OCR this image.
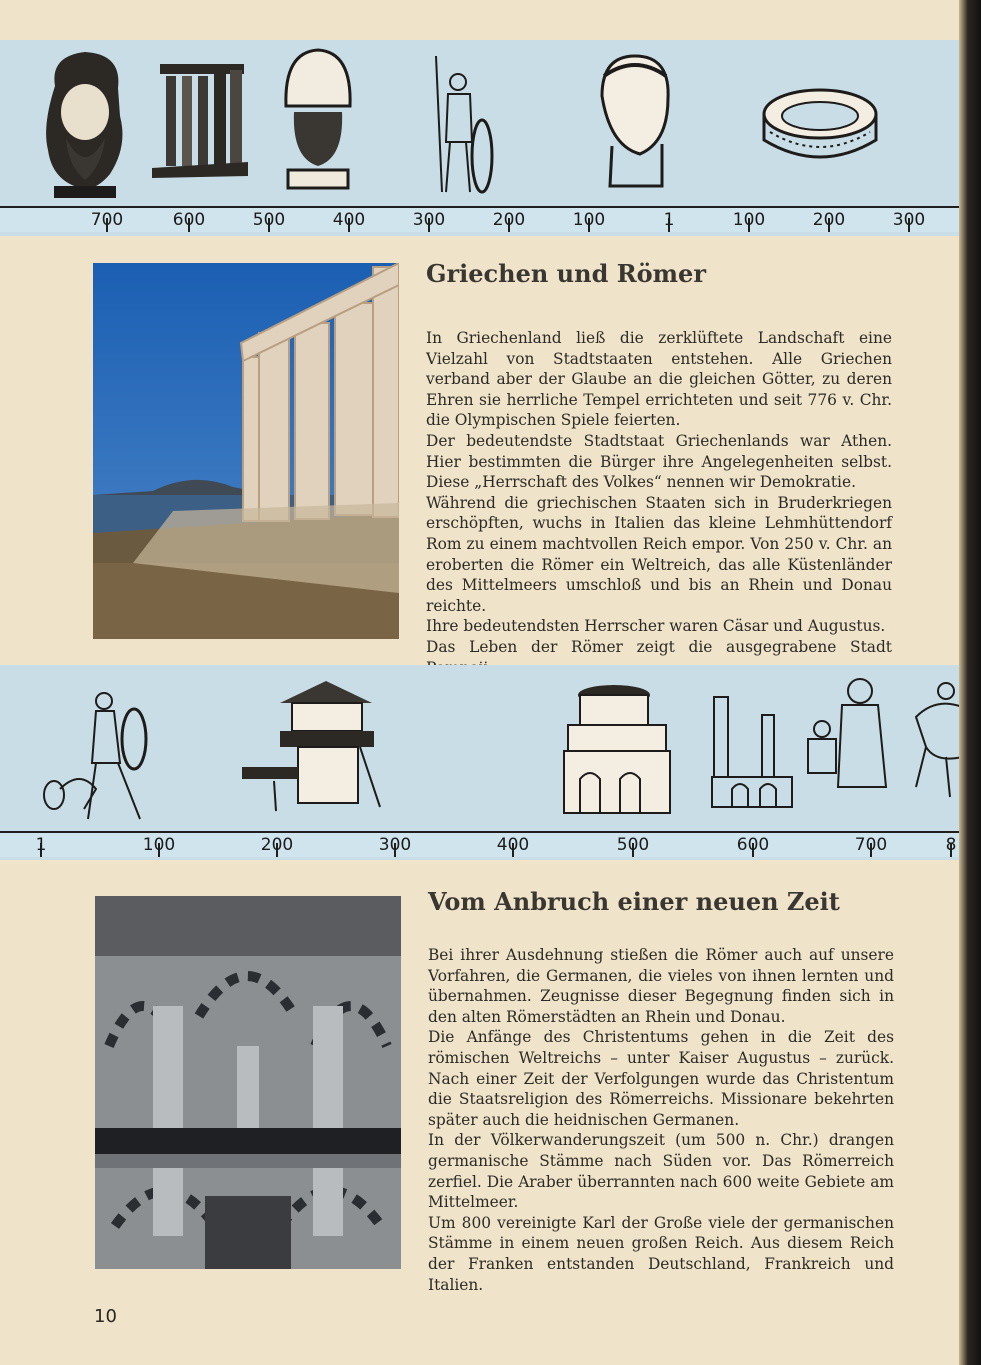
700	600	500	400	300	200	100	1	100	200	300
Griechen und Römer

In Griechenland ließ die zerklüftete Landschaft eine Vielzahl von Stadtstaaten entstehen. Alle Griechen verband aber der Glaube an die gleichen Götter, zu deren Ehren sie herrliche Tempel errichteten und seit 776 v. Chr. die Olympischen Spiele feierten.

Der bedeutendste Stadtstaat Griechenlands war Athen. Hier bestimmten die Bürger ihre Angelegenheiten selbst. Diese „Herrschaft des Volkes“ nennen wir Demokratie.

Während die griechischen Staaten sich in Bruderkriegen erschöpften, wuchs in Italien das kleine Lehmhüttendorf Rom zu einem machtvollen Reich empor. Von 250 v. Chr. an eroberten die Römer ein Weltreich, das alle Küstenländer des Mittelmeers umschloß und bis an Rhein und Donau reichte.

Ihre bedeutendsten Herrscher waren Cäsar und Augustus.

Das Leben der Römer zeigt die ausgegrabene Stadt

1	100	200	300	400	500	600	700	8
Vom Anbruch einer neuen Zeit

Bei ihrer Ausdehnung stießen die Römer auch auf unsere Vorfahren, die Germanen, die vieles von ihnen lernten und übernahmen. Zeugnisse dieser Begegnung finden sich in den alten Römerstädten an Rhein und Donau.

Die Anfänge des Christentums gehen in die Zeit des römischen Weltreichs – unter Kaiser Augustus – zurück. Nach einer Zeit der Verfolgungen wurde das Christentum die Staatsreligion des Römerreichs. Missionare bekehrten später auch die heidnischen Germanen.

In der Völkerwanderungszeit (um 500 n. Chr.) drangen germanische Stämme nach Süden vor. Das Römerreich zerfiel. Die Araber überrannten nach 600 weite Gebiete am Mittelmeer.

Um 800 vereinigte Karl der Große viele der germanischen Stämme in einem neuen großen Reich. Aus diesem Reich der Franken entstanden Deutschland, Frankreich und Italien.

10
